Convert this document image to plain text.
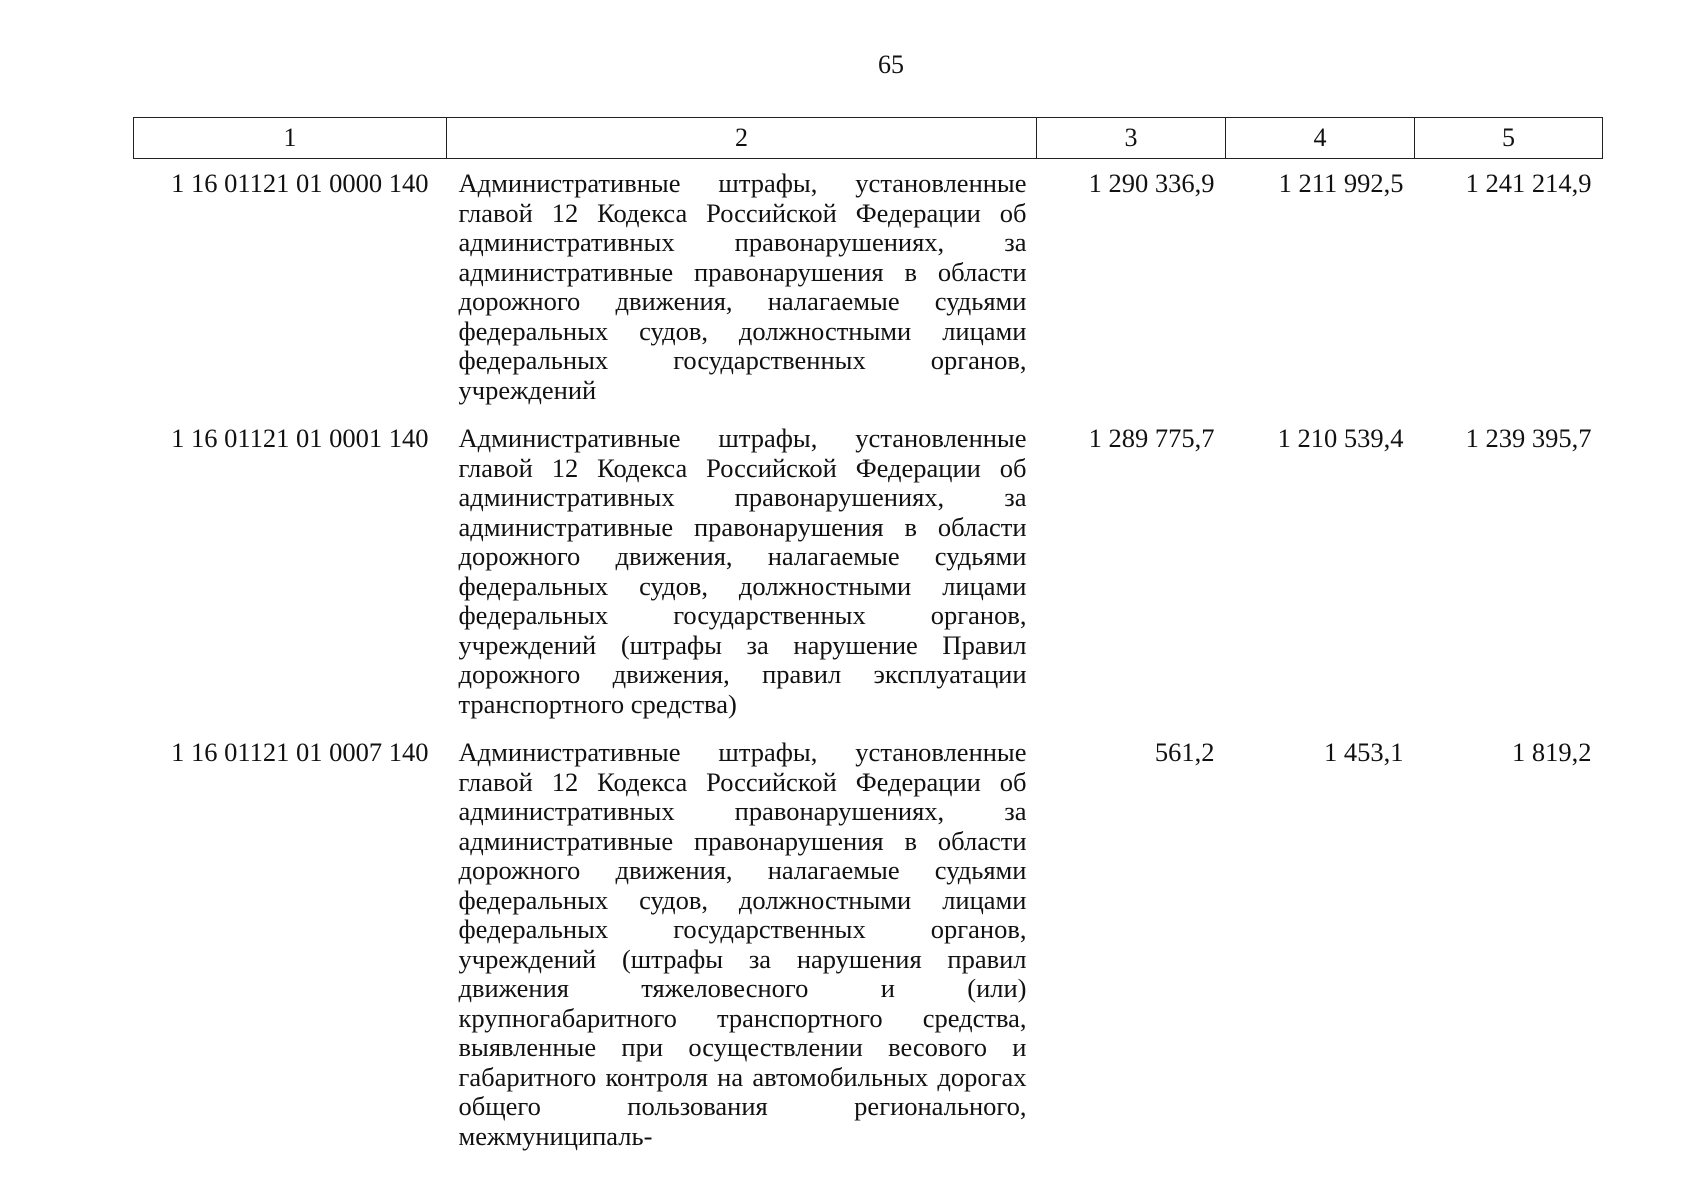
65
1	2	3	4	5
1 16 01121 01 0000 140	Административные штрафы, установленные главой 12 Кодекса Российской Федерации об административных правонарушениях, за административные правонарушения в области дорожного движения, налагаемые судьями федеральных судов, должностными лицами федеральных государственных органов, учреждений	1 290 336,9	1 211 992,5	1 241 214,9
1 16 01121 01 0001 140	Административные штрафы, установленные главой 12 Кодекса Российской Федерации об административных правонарушениях, за административные правонарушения в области дорожного движения, налагаемые судьями федеральных судов, должностными лицами федеральных государственных органов, учреждений (штрафы за нарушение Правил дорожного движения, правил эксплуатации транспортного средства)	1 289 775,7	1 210 539,4	1 239 395,7
1 16 01121 01 0007 140	Административные штрафы, установленные главой 12 Кодекса Российской Федерации об административных правонарушениях, за административные правонарушения в области дорожного движения, налагаемые судьями федеральных судов, должностными лицами федеральных государственных органов, учреждений (штрафы за нарушения правил движения тяжеловесного и (или) крупногабаритного транспортного средства, выявленные при осуществлении весового и габаритного контроля на автомобильных дорогах общего пользования регионального, межмуниципаль-	561,2	1 453,1	1 819,2
